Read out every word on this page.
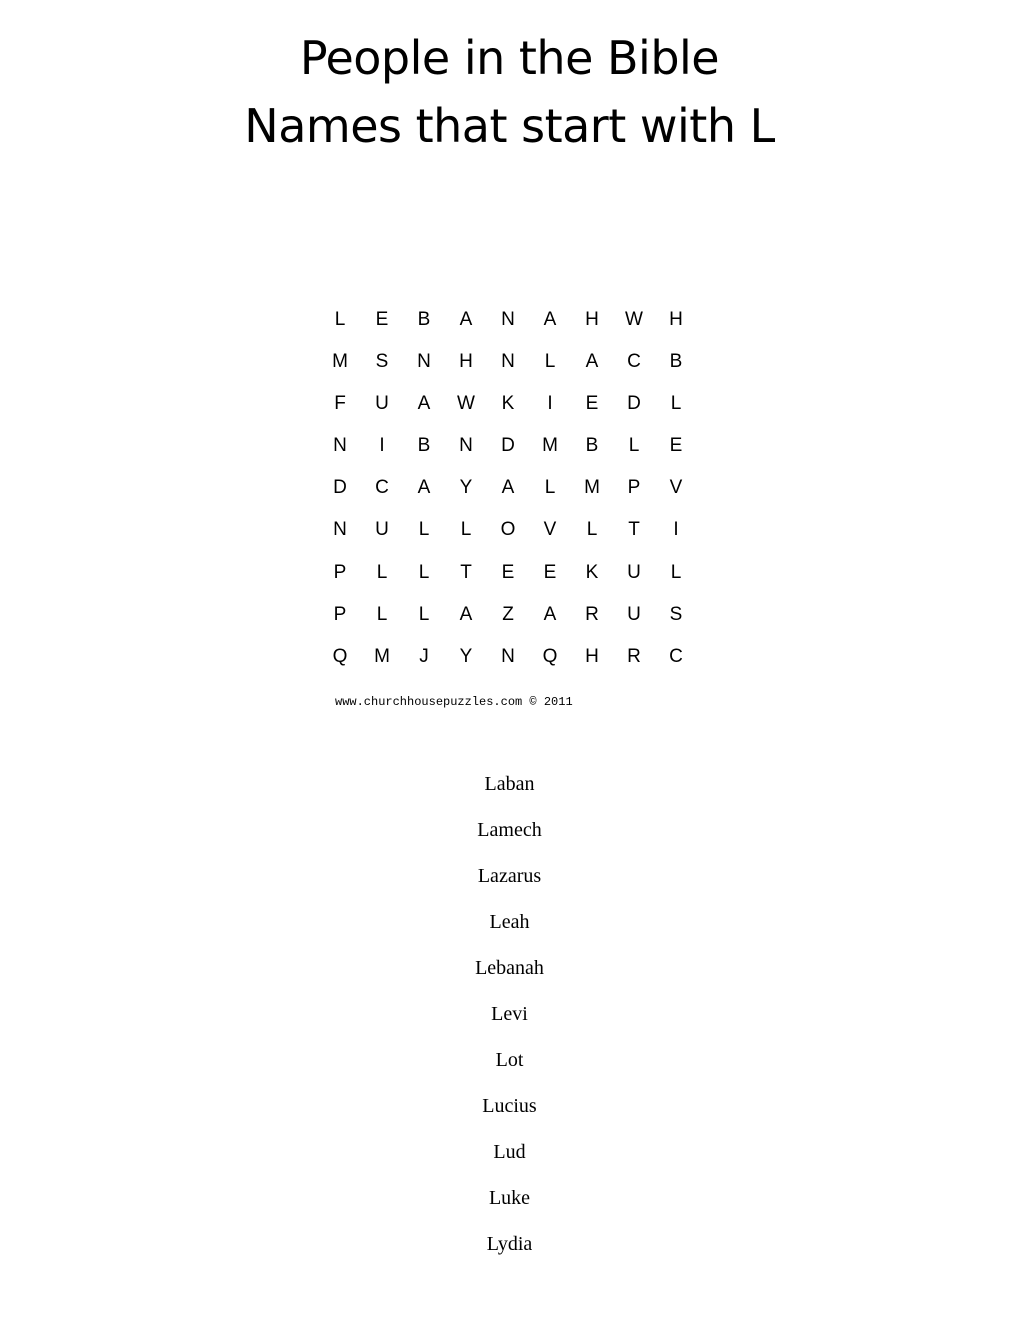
People in the Bible
Names that start with L
L	E	B	A	N	A	H	W	H
M	S	N	H	N	L	A	C	B
F	U	A	W	K	I	E	D	L
N	I	B	N	D	M	B	L	E
D	C	A	Y	A	L	M	P	V
N	U	L	L	O	V	L	T	I
P	L	L	T	E	E	K	U	L
P	L	L	A	Z	A	R	U	S
Q	M	J	Y	N	Q	H	R	C
www.churchhousepuzzles.com © 2011
Laban
Lamech
Lazarus
Leah
Lebanah
Levi
Lot
Lucius
Lud
Luke
Lydia
